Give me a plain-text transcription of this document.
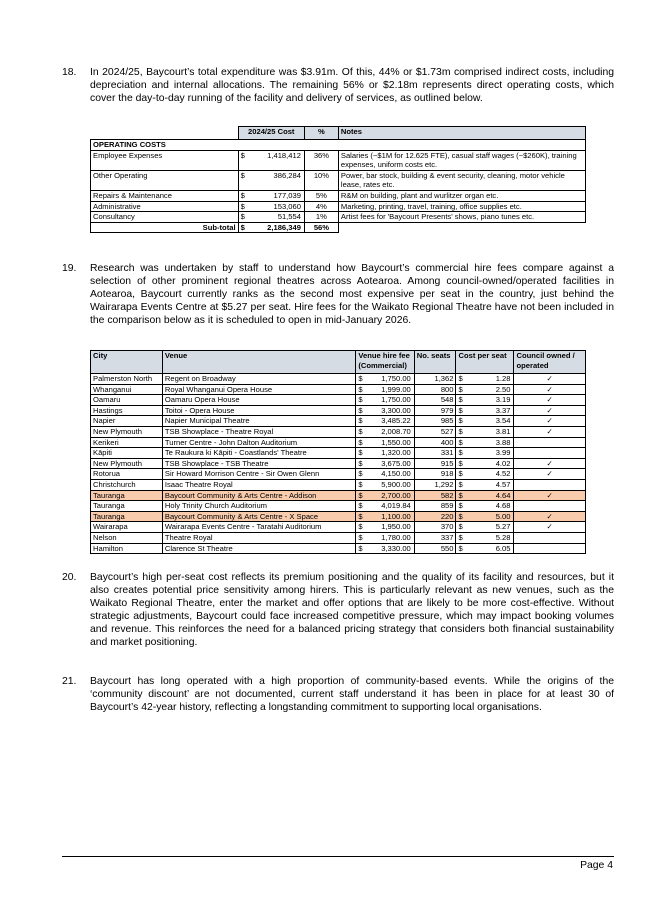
18. In 2024/25, Baycourt’s total expenditure was $3.91m. Of this, 44% or $1.73m comprised indirect costs, including depreciation and internal allocations. The remaining 56% or $2.18m represents direct operating costs, which cover the day-to-day running of the facility and delivery of services, as outlined below.
	2024/25 Cost		%	Notes
OPERATING COSTS				
Employee Expenses	$	1,418,412	36%	Salaries (~$1M for 12.625 FTE), casual staff wages (~$260K), training expenses, uniform costs etc.
Other Operating	$	386,284	10%	Power, bar stock, building & event security, cleaning, motor vehicle lease, rates etc.
Repairs & Maintenance	$	177,039	5%	R&M on building, plant and wurlitzer organ etc.
Administrative	$	153,060	4%	Marketing, printing, travel, training, office supplies etc.
Consultancy	$	51,554	1%	Artist fees for 'Baycourt Presents' shows, piano tunes etc.
Sub-total	$	2,186,349	56%	
19. Research was undertaken by staff to understand how Baycourt’s commercial hire fees compare against a selection of other prominent regional theatres across Aotearoa. Among council-owned/operated facilities in Aotearoa, Baycourt currently ranks as the second most expensive per seat in the country, just behind the Wairarapa Events Centre at $5.27 per seat. Hire fees for the Waikato Regional Theatre have not been included in the comparison below as it is scheduled to open in mid-January 2026.
City	Venue	Venue hire fee (Commercial)		No. seats	Cost per seat		Council owned / operated
Palmerston North	Regent on Broadway	$	1,750.00	1,362	$	1.28	✓
Whanganui	Royal Whanganui Opera House	$	1,999.00	800	$	2.50	✓
Oamaru	Oamaru Opera House	$	1,750.00	548	$	3.19	✓
Hastings	Toitoi - Opera House	$	3,300.00	979	$	3.37	✓
Napier	Napier Municipal Theatre	$	3,485.22	985	$	3.54	✓
New Plymouth	TSB Showplace - Theatre Royal	$	2,008.70	527	$	3.81	✓
Kerikeri	Turner Centre - John Dalton Auditorium	$	1,550.00	400	$	3.88	
Kāpiti	Te Raukura ki Kāpiti - Coastlands' Theatre	$	1,320.00	331	$	3.99	
New Plymouth	TSB Showplace - TSB Theatre	$	3,675.00	915	$	4.02	✓
Rotorua	Sir Howard Morrison Centre - Sir Owen Glenn	$	4,150.00	918	$	4.52	✓
Christchurch	Isaac Theatre Royal	$	5,900.00	1,292	$	4.57	
Tauranga	Baycourt Community & Arts Centre - Addison	$	2,700.00	582	$	4.64	✓
Tauranga	Holy Trinity Church Auditorium	$	4,019.84	859	$	4.68	
Tauranga	Baycourt Community & Arts Centre - X Space	$	1,100.00	220	$	5.00	✓
Wairarapa	Wairarapa Events Centre - Taratahi Auditorium	$	1,950.00	370	$	5.27	✓
Nelson	Theatre Royal	$	1,780.00	337	$	5.28	
Hamilton	Clarence St Theatre	$	3,330.00	550	$	6.05	
20. Baycourt’s high per-seat cost reflects its premium positioning and the quality of its facility and resources, but it also creates potential price sensitivity among hirers. This is particularly relevant as new venues, such as the Waikato Regional Theatre, enter the market and offer options that are likely to be more cost-effective. Without strategic adjustments, Baycourt could face increased competitive pressure, which may impact booking volumes and revenue. This reinforces the need for a balanced pricing strategy that considers both financial sustainability and market positioning.
21. Baycourt has long operated with a high proportion of community-based events. While the origins of the ‘community discount’ are not documented, current staff understand it has been in place for at least 30 of Baycourt’s 42-year history, reflecting a longstanding commitment to supporting local organisations.
Page 4
